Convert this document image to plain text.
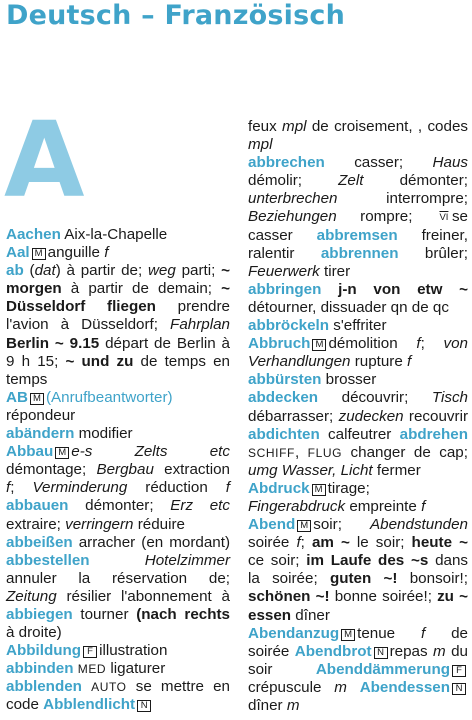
Deutsch – Französisch
A
Aachen Aix-la-Chapelle
Aal M anguille f
ab (dat) à partir de; weg parti; ~ morgen à partir de demain; ~ Düsseldorf fliegen prendre l'avion à Düsseldorf; Fahrplan Berlin ~ 9.15 départ de Berlin à 9 h 15; ~ und zu de temps en temps
AB M (Anrufbeantworter) répondeur
abändern modifier
Abbau M e-s Zelts etc démontage; Bergbau extraction f; Verminderung réduction f abbauen démonter; Erz etc extraire; verringern réduire
abbeißen arracher (en mordant) abbestellen	Hotelzimmer annuler la réservation de; Zeitung résilier l'abonnement à abbiegen tourner (nach rechts à droite)
Abbildung F illustration
abbinden MED ligaturer
abblenden AUTO se mettre en code Abblendlicht N
feux mpl de croisement, , codes mpl
abbrechen casser; Haus démolir; Zelt démonter; unterbrechen interrompre; Beziehungen rompre; $\overline{VI}$ se casser abbremsen freiner, ralentir abbrennen brûler; Feuerwerk tirer
abbringen j-n von etw ~ détourner, dissuader qn de qc
abbröckeln s'effriter
Abbruch M démolition f; von Verhandlungen rupture f
abbürsten brosser
abdecken découvrir; Tisch débarrasser; zudecken recouvrir abdichten calfeutrer abdrehen SCHIFF, FLUG changer de cap; umg Wasser, Licht fermer
Abdruck M tirage; Fingerabdruck empreinte f
Abend M soir; Abendstunden soirée f; am ~ le soir; heute ~ ce soir; im Laufe des ~s dans la soirée; guten ~! bonsoir!; schönen ~! bonne soirée!; zu ~ essen dîner
Abendanzug M tenue f de soirée Abendbrot N repas m du soir Abenddämmerung Fcrépuscule m Abendessen Ndîner m
